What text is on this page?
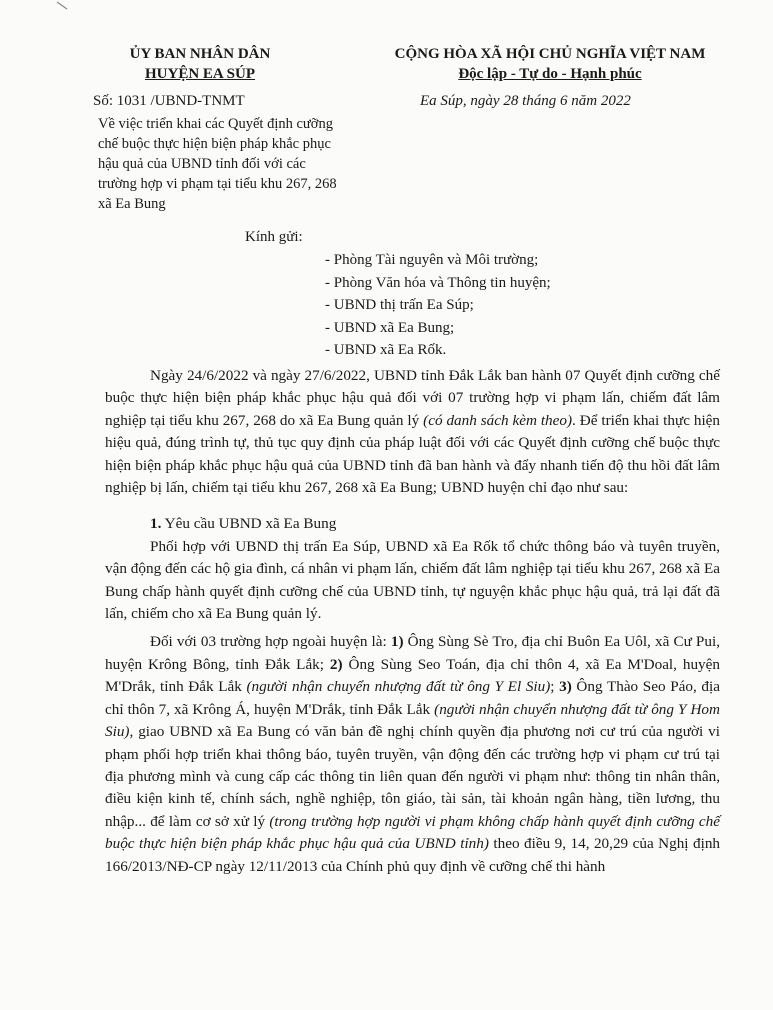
ỦY BAN NHÂN DÂN
HUYỆN EA SÚP
CỘNG HÒA XÃ HỘI CHỦ NGHĨA VIỆT NAM
Độc lập - Tự do - Hạnh phúc
Số: 1031 /UBND-TNMT	Ea Súp, ngày 28 tháng 6 năm 2022
Về việc triển khai các Quyết định cưỡng chế buộc thực hiện biện pháp khắc phục hậu quả của UBND tỉnh đối với các trường hợp vi phạm tại tiểu khu 267, 268 xã Ea Bung
Kính gửi:
- Phòng Tài nguyên và Môi trường;
- Phòng Văn hóa và Thông tin huyện;
- UBND thị trấn Ea Súp;
- UBND xã Ea Bung;
- UBND xã Ea Rốk.

Ngày 24/6/2022 và ngày 27/6/2022, UBND tỉnh Đắk Lắk ban hành 07 Quyết định cưỡng chế buộc thực hiện biện pháp khắc phục hậu quả đối với 07 trường hợp vi phạm lấn, chiếm đất lâm nghiệp tại tiểu khu 267, 268 do xã Ea Bung quản lý (có danh sách kèm theo). Để triển khai thực hiện hiệu quả, đúng trình tự, thủ tục quy định của pháp luật đối với các Quyết định cưỡng chế buộc thực hiện biện pháp khắc phục hậu quả của UBND tỉnh đã ban hành và đẩy nhanh tiến độ thu hồi đất lâm nghiệp bị lấn, chiếm tại tiểu khu 267, 268 xã Ea Bung; UBND huyện chỉ đạo như sau:

1. Yêu cầu UBND xã Ea Bung

Phối hợp với UBND thị trấn Ea Súp, UBND xã Ea Rốk tổ chức thông báo và tuyên truyền, vận động đến các hộ gia đình, cá nhân vi phạm lấn, chiếm đất lâm nghiệp tại tiểu khu 267, 268 xã Ea Bung chấp hành quyết định cưỡng chế của UBND tỉnh, tự nguyện khắc phục hậu quả, trả lại đất đã lấn, chiếm cho xã Ea Bung quản lý.

Đối với 03 trường hợp ngoài huyện là: 1) Ông Sùng Sè Tro, địa chỉ Buôn Ea Uôl, xã Cư Pui, huyện Krông Bông, tỉnh Đắk Lắk; 2) Ông Sùng Seo Toán, địa chỉ thôn 4, xã Ea M'Doal, huyện M'Drắk, tỉnh Đắk Lắk (người nhận chuyển nhượng đất từ ông Y El Siu); 3) Ông Thào Seo Páo, địa chỉ thôn 7, xã Krông Á, huyện M'Drắk, tỉnh Đắk Lắk (người nhận chuyển nhượng đất từ ông Y Hom Siu), giao UBND xã Ea Bung có văn bản đề nghị chính quyền địa phương nơi cư trú của người vi phạm phối hợp triển khai thông báo, tuyên truyền, vận động đến các trường hợp vi phạm cư trú tại địa phương mình và cung cấp các thông tin liên quan đến người vi phạm như: thông tin nhân thân, điều kiện kinh tế, chính sách, nghề nghiệp, tôn giáo, tài sản, tài khoản ngân hàng, tiền lương, thu nhập... để làm cơ sở xử lý (trong trường hợp người vi phạm không chấp hành quyết định cưỡng chế buộc thực hiện biện pháp khắc phục hậu quả của UBND tỉnh) theo điều 9, 14, 20,29 của Nghị định 166/2013/NĐ-CP ngày 12/11/2013 của Chính phủ quy định về cưỡng chế thi hành
